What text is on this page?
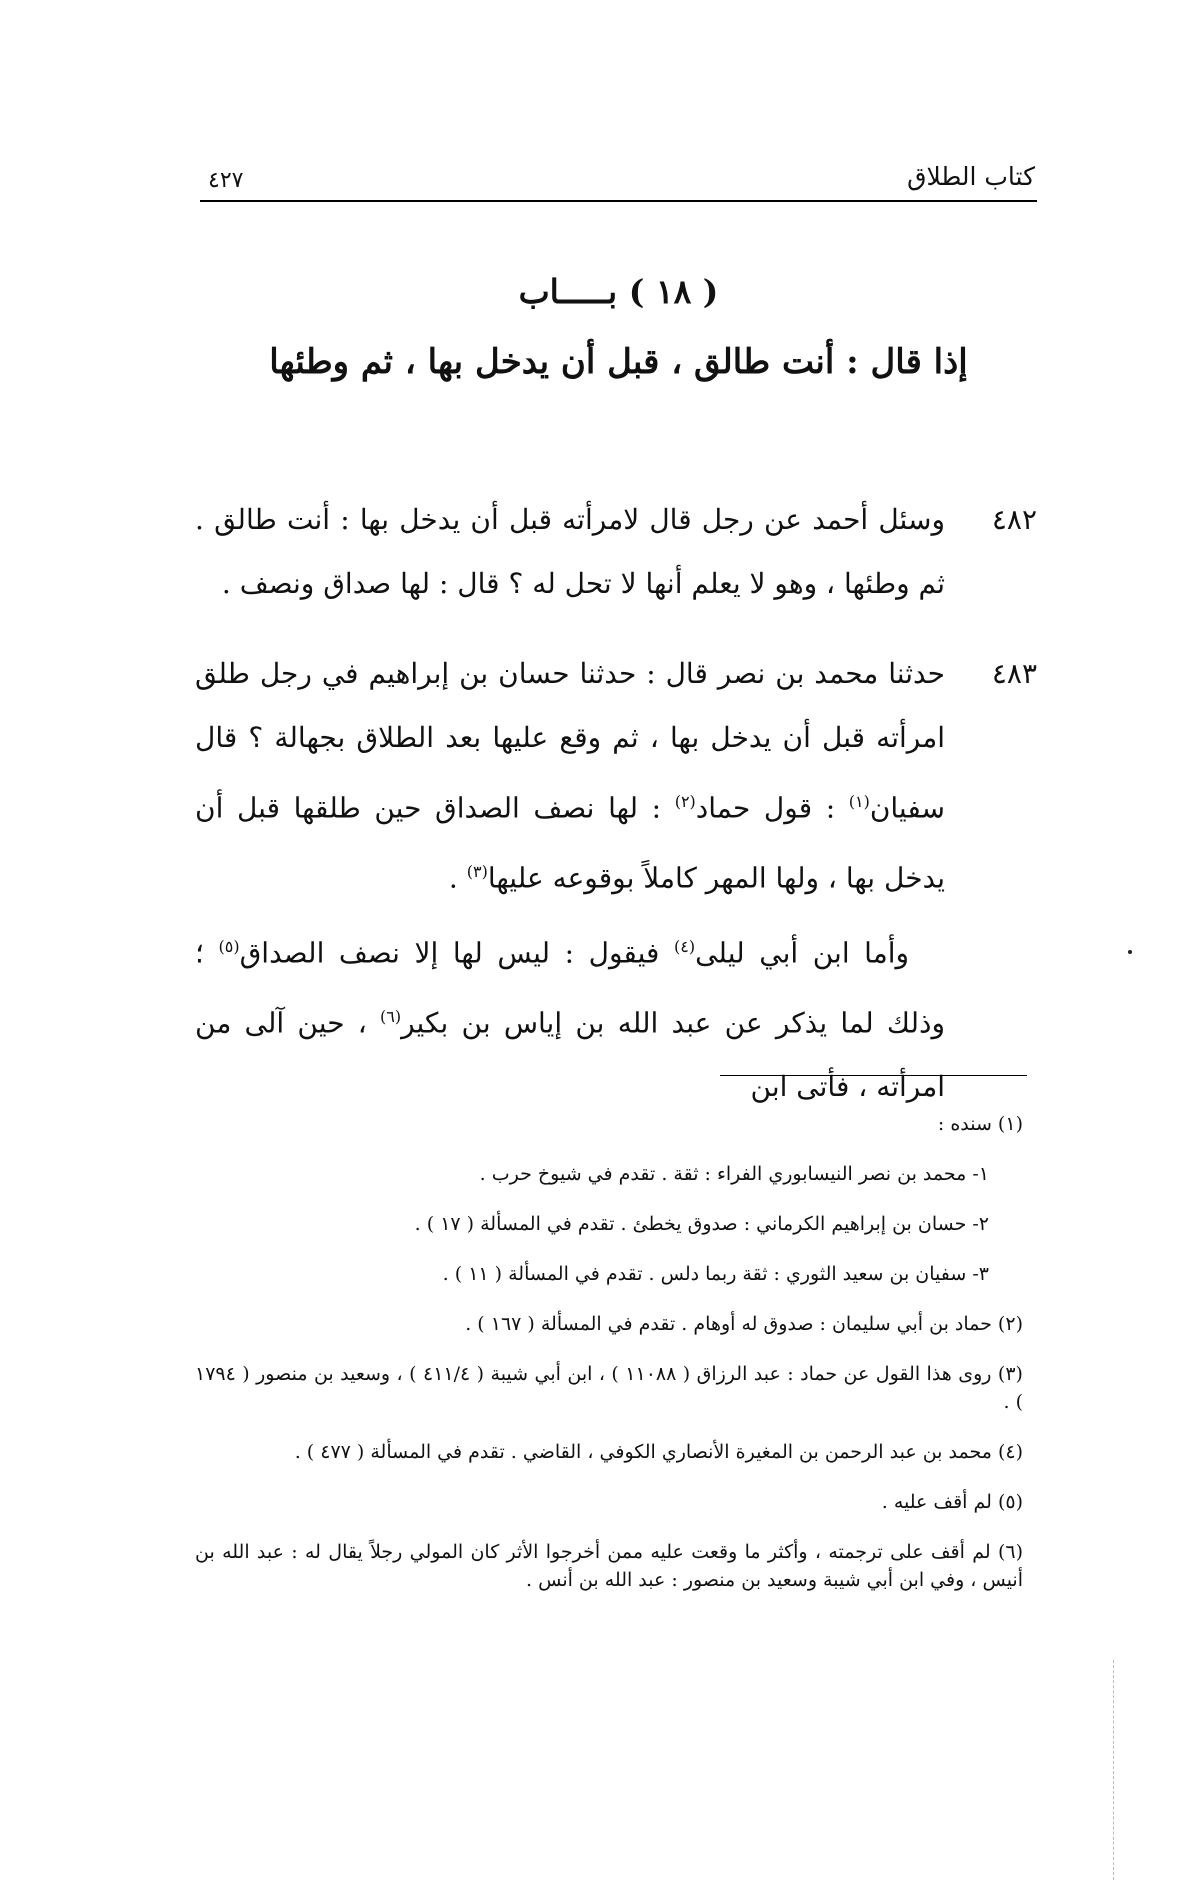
كتاب الطلاق
٤٢٧
( ١٨ ) بـــــاب
إذا قال : أنت طالق ، قبل أن يدخل بها ، ثم وطئها
٤٨٢
وسئل أحمد عن رجل قال لامرأته قبل أن يدخل بها : أنت طالق . ثم وطئها ، وهو لا يعلم أنها لا تحل له ؟ قال : لها صداق ونصف .
٤٨٣
حدثنا محمد بن نصر قال : حدثنا حسان بن إبراهيم في رجل طلق امرأته قبل أن يدخل بها ، ثم وقع عليها بعد الطلاق بجهالة ؟ قال سفيان$^{(١)}$ : قول حماد$^{(٢)}$ : لها نصف الصداق حين طلقها قبل أن يدخل بها ، ولها المهر كاملاً بوقوعه عليها$^{(٣)}$ .
وأما ابن أبي ليلى$^{(٤)}$ فيقول : ليس لها إلا نصف الصداق$^{(٥)}$ ؛ وذلك لما يذكر عن عبد الله بن إياس بن بكير$^{(٦)}$ ، حين آلى من امرأته ، فأتى ابن
(١) سنده :
١- محمد بن نصر النيسابوري الفراء : ثقة . تقدم في شيوخ حرب .
٢- حسان بن إبراهيم الكرماني : صدوق يخطئ . تقدم في المسألة ( ١٧ ) .
٣- سفيان بن سعيد الثوري : ثقة ربما دلس . تقدم في المسألة ( ١١ ) .
(٢) حماد بن أبي سليمان : صدوق له أوهام . تقدم في المسألة ( ١٦٧ ) .
(٣) روى هذا القول عن حماد : عبد الرزاق ( ١١٠٨٨ ) ، ابن أبي شيبة ( ٤١١/٤ ) ، وسعيد بن منصور ( ١٧٩٤ ) .
(٤) محمد بن عبد الرحمن بن المغيرة الأنصاري الكوفي ، القاضي . تقدم في المسألة ( ٤٧٧ ) .
(٥) لم أقف عليه .
(٦) لم أقف على ترجمته ، وأكثر ما وقعت عليه ممن أخرجوا الأثر كان المولي رجلاً يقال له : عبد الله بن أنيس ، وفي ابن أبي شيبة وسعيد بن منصور : عبد الله بن أنس .
